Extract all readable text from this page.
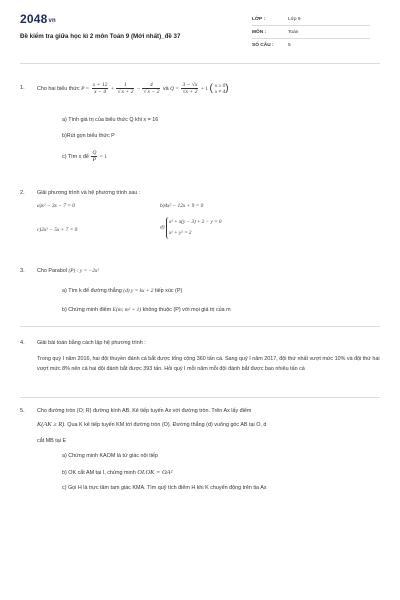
2048vn
Đề kiểm tra giữa học kì 2 môn Toán 9 (Mới nhất)_đề 37
LỚP :	Lớp 9
MÔN :	Toán
SỐ CÂU :	5
1. Cho hai biểu thức $P = \frac{x + 12}{x - 4} + \frac{1}{√x + 2} - \frac{4}{√x - 2}$ và $Q = \frac{3 - √x}{√x + 2} + 1$ ( x ≥ 0
x ≠ 4 )
a) Tính giá trị của biểu thức Q khi x = 16
b)Rút gọn biểu thức P
c) Tìm x để $\frac{Q}{P} = 1$
2. Giải phương trình và hệ phương trình sau :
a)x² − 3x − 7 = 0	b)4x² − 12x + 9 = 0
c)2x² − 5x + 7 = 0	d)
x² + x(y − 3) + 2 − y = 0
x² + y² = 2
3. Cho Parabol (P) : y = −2x²
a) Tìm k để đường thẳng (d) y = kx + 2 tiếp xúc (P)
b) Chứng minh điểm E(m; m² + 1) không thuộc (P) với mọi giá trị của m
4. Giải bài toán bằng cách lập hệ phương trình :
Trong quý I năm 2016, hai đội thuyền đánh cá bắt được tổng cộng 360 tấn cá. Sang quý I năm 2017, đội thứ nhất vượt mức 10% và đội thứ hai vượt mức 8% nên cả hai đội đánh bắt được 393 tấn. Hỏi quý I mỗi năm mỗi đội đánh bắt được bao nhiêu tấn cá
5. Cho đường tròn (O; R) đường kính AB. Kẻ tiếp tuyến Ax với đường tròn. Trên Ax lấy điểm
K(AK ≥ R). Qua K kẻ tiếp tuyến KM tới đường tròn (O). Đường thẳng (d) vuông góc AB tại O, d
cắt MB tại E
a) Chứng minh KAOM là tứ giác nội tiếp
b) OK cắt AM tại I, chứng minh OI.OK = OA²
c) Gọi H là trực tâm tam giác KMA. Tìm quỹ tích điểm H khi K chuyển động trên tia Ax
